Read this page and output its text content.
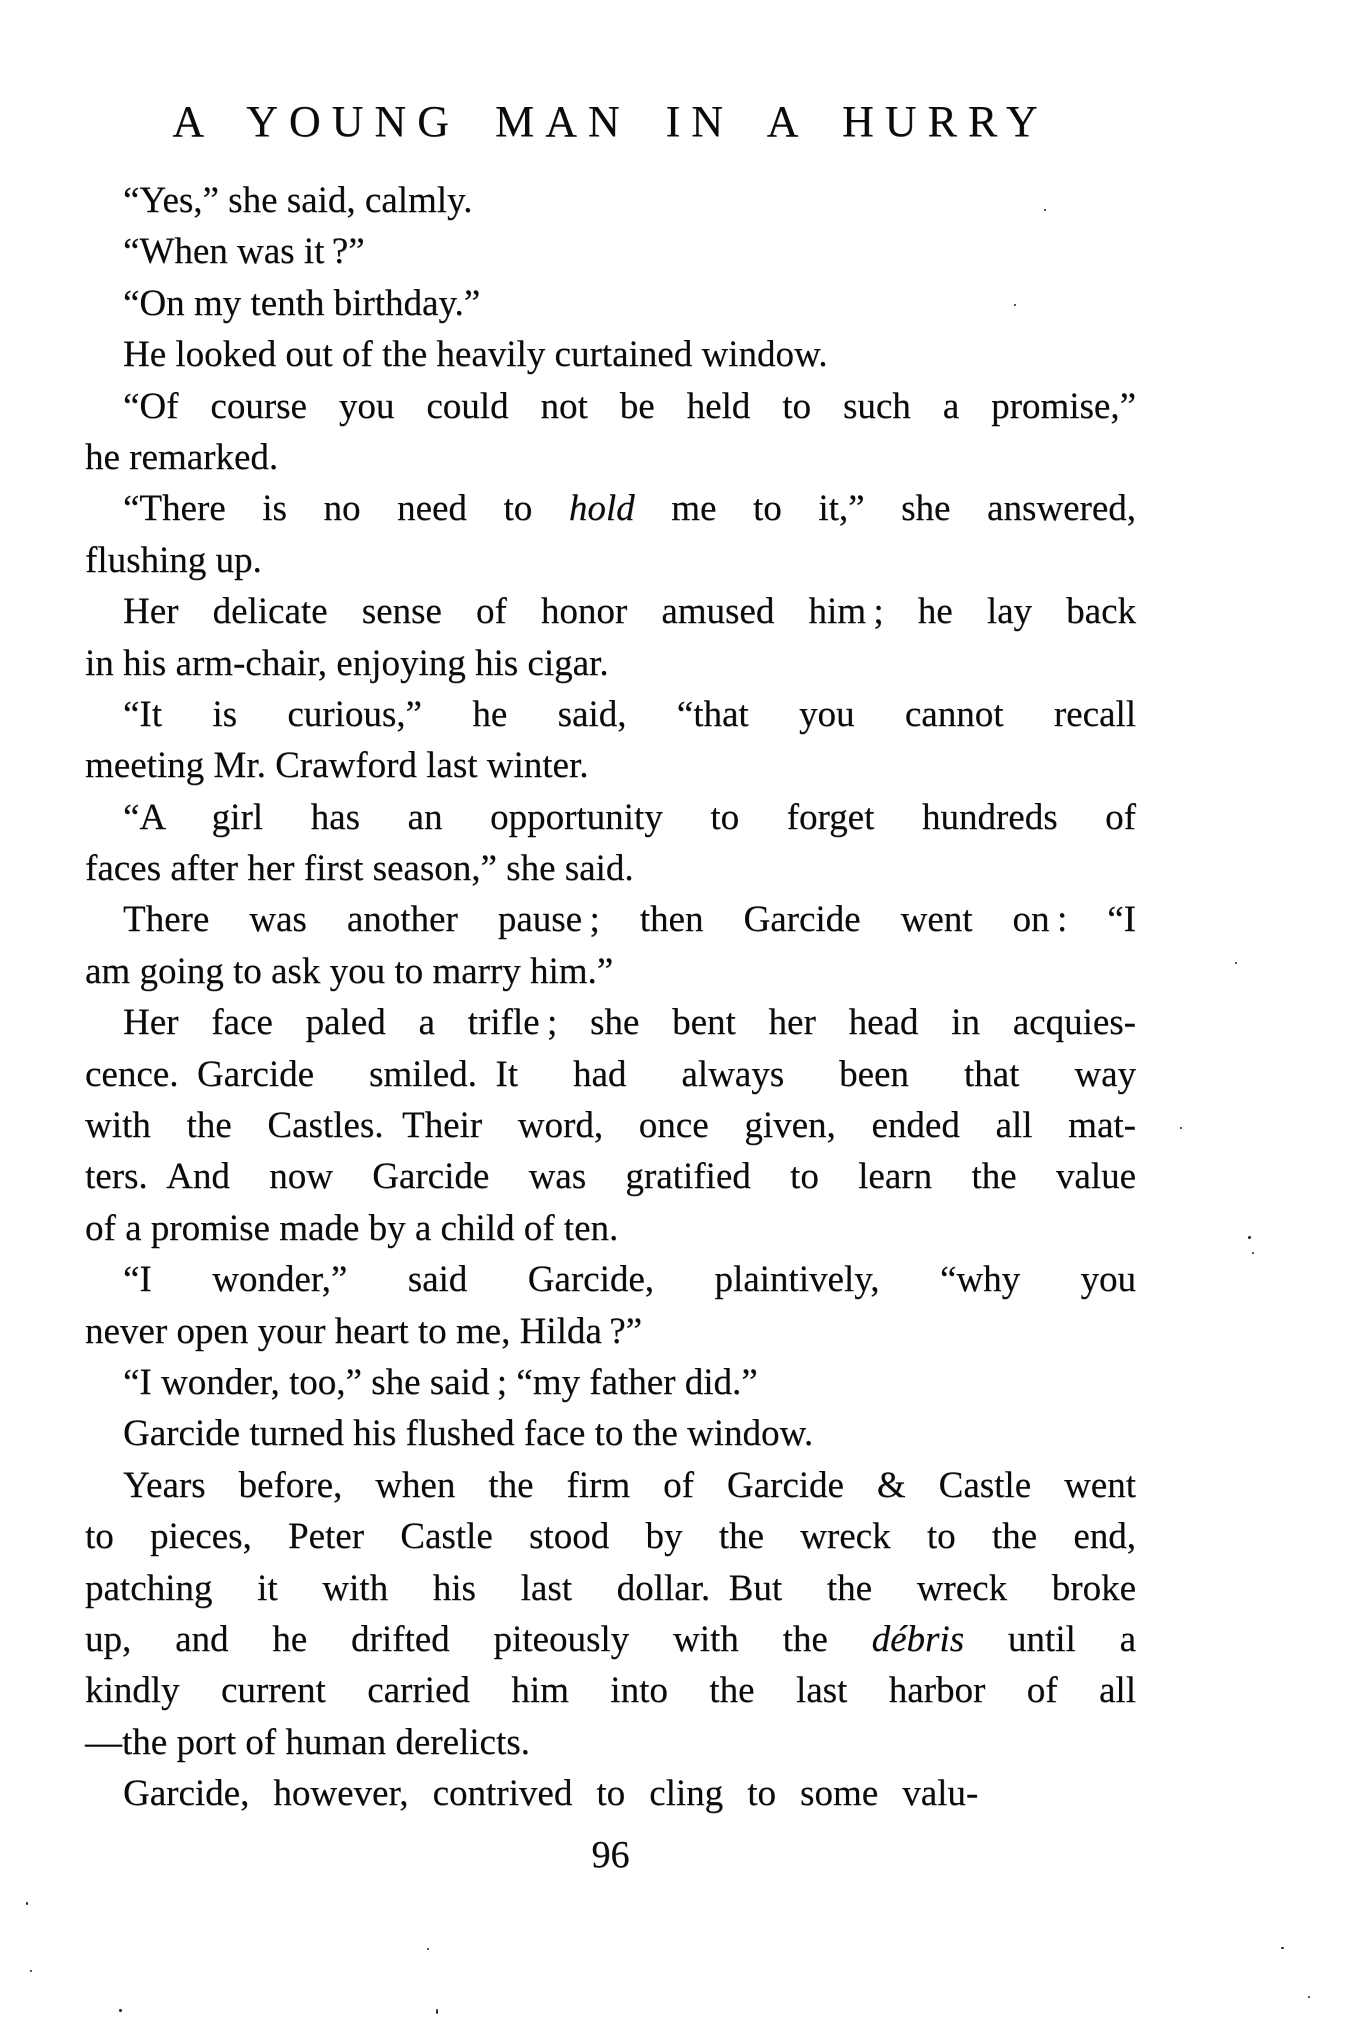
A YOUNG MAN IN A HURRY
“Yes,” she said, calmly.
“When was it ?”
“On my tenth birthday.”
He looked out of the heavily curtained window.
“Of course you could not be held to such a promise,”
he remarked.
“There is no need to hold me to it,” she answered,
flushing up.
Her delicate sense of honor amused him ; he lay back
in his arm-chair, enjoying his cigar.
“It is curious,” he said, “that you cannot recall
meeting Mr. Crawford last winter.
“A girl has an opportunity to forget hundreds of
faces after her first season,” she said.
There was another pause ; then Garcide went on : “I
am going to ask you to marry him.”
Her face paled a trifle ; she bent her head in acquies-
cence. Garcide smiled. It had always been that way
with the Castles. Their word, once given, ended all mat-
ters. And now Garcide was gratified to learn the value
of a promise made by a child of ten.
“I wonder,” said Garcide, plaintively, “why you
never open your heart to me, Hilda ?”
“I wonder, too,” she said ; “my father did.”
Garcide turned his flushed face to the window.
Years before, when the firm of Garcide & Castle went
to pieces, Peter Castle stood by the wreck to the end,
patching it with his last dollar. But the wreck broke
up, and he drifted piteously with the débris until a
kindly current carried him into the last harbor of all
—the port of human derelicts.
Garcide, however, contrived to cling to some valu-
96
